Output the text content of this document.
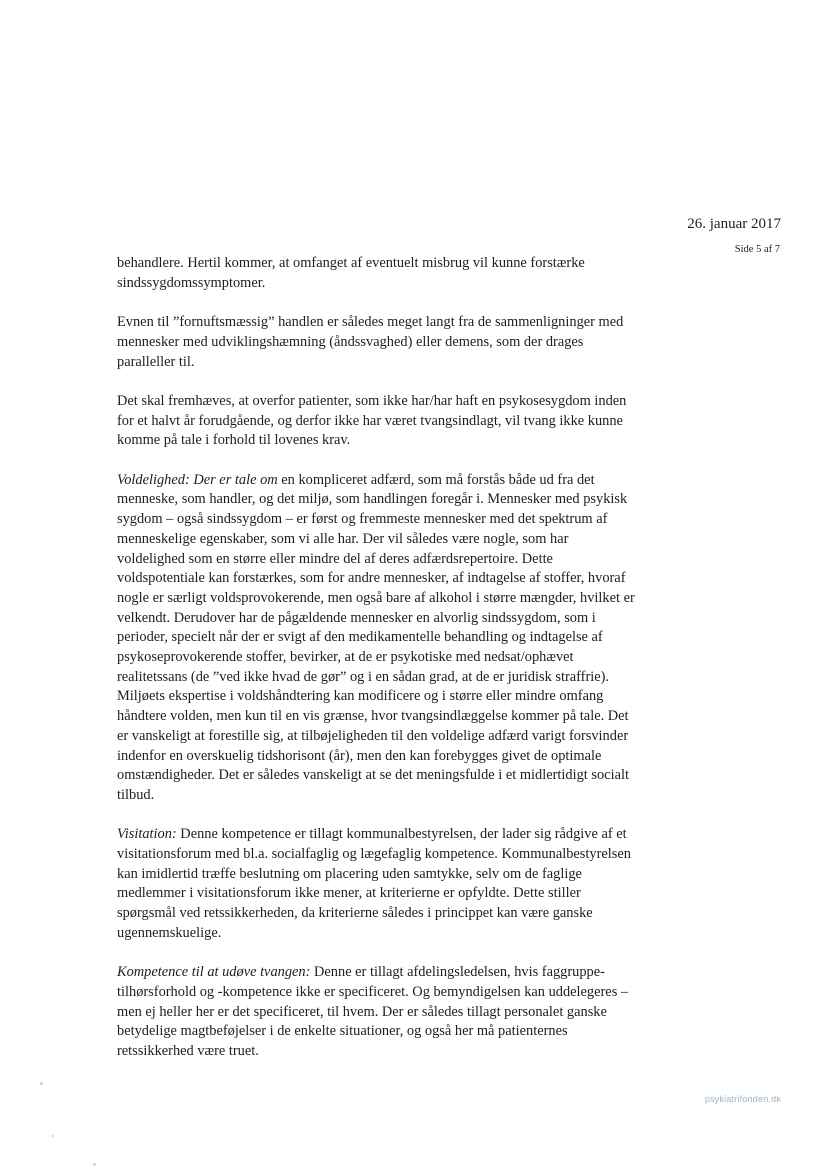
26. januar 2017
Side 5 af 7

behandlere. Hertil kommer, at omfanget af eventuelt misbrug vil kunne forstærke sindssygdomssymptomer.

Evnen til ”fornuftsmæssig” handlen er således meget langt fra de sammenligninger med mennesker med udviklingshæmning (åndssvaghed) eller demens, som der drages paralleller til.

Det skal fremhæves, at overfor patienter, som ikke har/har haft en psykosesygdom inden for et halvt år forudgående, og derfor ikke har været tvangsindlagt, vil tvang ikke kunne komme på tale i forhold til lovenes krav.

Voldelighed: Der er tale om en kompliceret adfærd, som må forstås både ud fra det menneske, som handler, og det miljø, som handlingen foregår i. Mennesker med psykisk sygdom – også sindssygdom – er først og fremmeste mennesker med det spektrum af menneskelige egenskaber, som vi alle har. Der vil således være nogle, som har voldelighed som en større eller mindre del af deres adfærdsrepertoire. Dette voldspotentiale kan forstærkes, som for andre mennesker, af indtagelse af stoffer, hvoraf nogle er særligt voldsprovokerende, men også bare af alkohol i større mængder, hvilket er velkendt. Derudover har de pågældende mennesker en alvorlig sindssygdom, som i perioder, specielt når der er svigt af den medikamentelle behandling og indtagelse af psykoseprovokerende stoffer, bevirker, at de er psykotiske med nedsat/ophævet realitetssans (de ”ved ikke hvad de gør” og i en sådan grad, at de er juridisk straffrie). Miljøets ekspertise i voldshåndtering kan modificere og i større eller mindre omfang håndtere volden, men kun til en vis grænse, hvor tvangsindlæggelse kommer på tale. Det er vanskeligt at forestille sig, at tilbøjeligheden til den voldelige adfærd varigt forsvinder indenfor en overskuelig tidshorisont (år), men den kan forebygges givet de optimale omstændigheder. Det er således vanskeligt at se det meningsfulde i et midlertidigt socialt tilbud.

Visitation: Denne kompetence er tillagt kommunalbestyrelsen, der lader sig rådgive af et visitationsforum med bl.a. socialfaglig og lægefaglig kompetence. Kommunalbestyrelsen kan imidlertid træffe beslutning om placering uden samtykke, selv om de faglige medlemmer i visitationsforum ikke mener, at kriterierne er opfyldte. Dette stiller spørgsmål ved retssikkerheden, da kriterierne således i princippet kan være ganske ugennemskuelige.

Kompetence til at udøve tvangen: Denne er tillagt afdelingsledelsen, hvis faggruppe-tilhørsforhold og -kompetence ikke er specificeret. Og bemyndigelsen kan uddelegeres – men ej heller her er det specificeret, til hvem. Der er således tillagt personalet ganske betydelige magtbeføjelser i de enkelte situationer, og også her må patienternes retssikkerhed være truet.

psykiatrifonden.dk
